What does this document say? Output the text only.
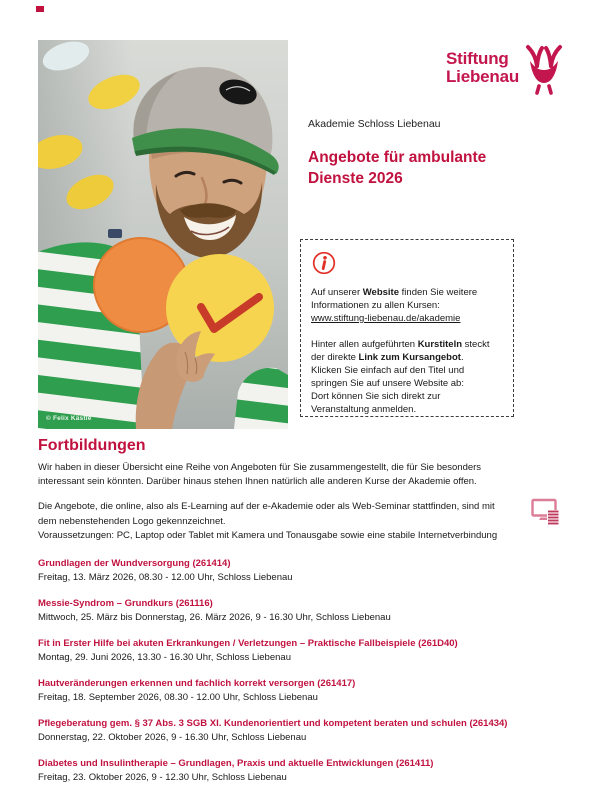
© Felix Kästle
Stiftung
Liebenau
Akademie Schloss Liebenau
Angebote für ambulante
Dienste 2026

Auf unserer Website finden Sie weitere
Informationen zu allen Kursen:
www.stiftung-liebenau.de/akademie

Hinter allen aufgeführten Kurstiteln steckt
der direkte Link zum Kursangebot.
Klicken Sie einfach auf den Titel und
springen Sie auf unsere Website ab:
Dort können Sie sich direkt zur
Veranstaltung anmelden.

Fortbildungen

Wir haben in dieser Übersicht eine Reihe von Angeboten für Sie zusammengestellt, die für Sie besonders
interessant sein könnten. Darüber hinaus stehen Ihnen natürlich alle anderen Kurse der Akademie offen.

Die Angebote, die online, also als E-Learning auf der e-Akademie oder als Web-Seminar stattfinden, sind mit
dem nebenstehenden Logo gekennzeichnet.
Voraussetzungen: PC, Laptop oder Tablet mit Kamera und Tonausgabe sowie eine stabile Internetverbindung

Grundlagen der Wundversorgung (261414)
Freitag, 13. März 2026, 08.30 - 12.00 Uhr, Schloss Liebenau
Messie-Syndrom – Grundkurs (261116)
Mittwoch, 25. März bis Donnerstag, 26. März 2026, 9 - 16.30 Uhr, Schloss Liebenau
Fit in Erster Hilfe bei akuten Erkrankungen / Verletzungen – Praktische Fallbeispiele (261D40)
Montag, 29. Juni 2026, 13.30 - 16.30 Uhr, Schloss Liebenau
Hautveränderungen erkennen und fachlich korrekt versorgen (261417)
Freitag, 18. September 2026, 08.30 - 12.00 Uhr, Schloss Liebenau
Pflegeberatung gem. § 37 Abs. 3 SGB XI. Kundenorientiert und kompetent beraten und schulen (261434)
Donnerstag, 22. Oktober 2026, 9 - 16.30 Uhr, Schloss Liebenau
Diabetes und Insulintherapie – Grundlagen, Praxis und aktuelle Entwicklungen (261411)
Freitag, 23. Oktober 2026, 9 - 12.30 Uhr, Schloss Liebenau
